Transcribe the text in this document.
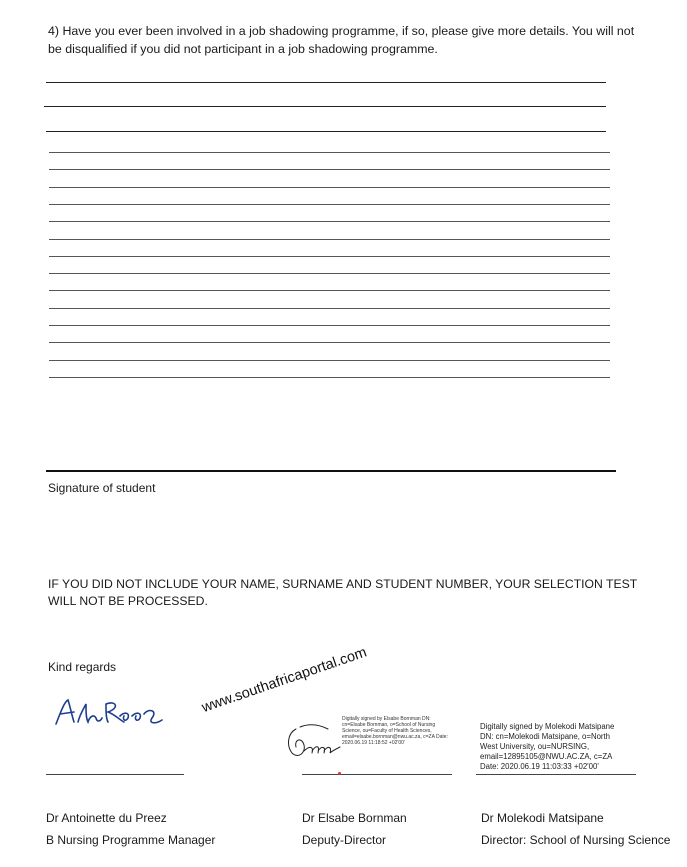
4) Have you ever been involved in a job shadowing programme, if so, please give more details. You will not be disqualified if you did not participant in a job shadowing programme.
Signature of student
IF YOU DID NOT INCLUDE YOUR NAME, SURNAME AND STUDENT NUMBER, YOUR SELECTION TEST WILL NOT BE PROCESSED.
Kind regards	www.southafricaportal.com
Digitally signed by Elsabe Bornman DN: cn=Elsabe Bornman, o=School of Nursing Science, ou=Faculty of Health Sciences, email=elsabe.bornman@nwu.ac.za, c=ZA Date: 2020.06.19 11:18:52 +02'00'
Digitally signed by Molekodi Matsipane
DN: cn=Molekodi Matsipane, o=North
West University, ou=NURSING,
email=12895105@NWU.AC.ZA, c=ZA
Date: 2020.06.19 11:03:33 +02'00'
Dr Antoinette du Preez
B Nursing Programme Manager
Dr Elsabe Bornman
Deputy-Director
Dr Molekodi Matsipane
Director: School of Nursing Science
